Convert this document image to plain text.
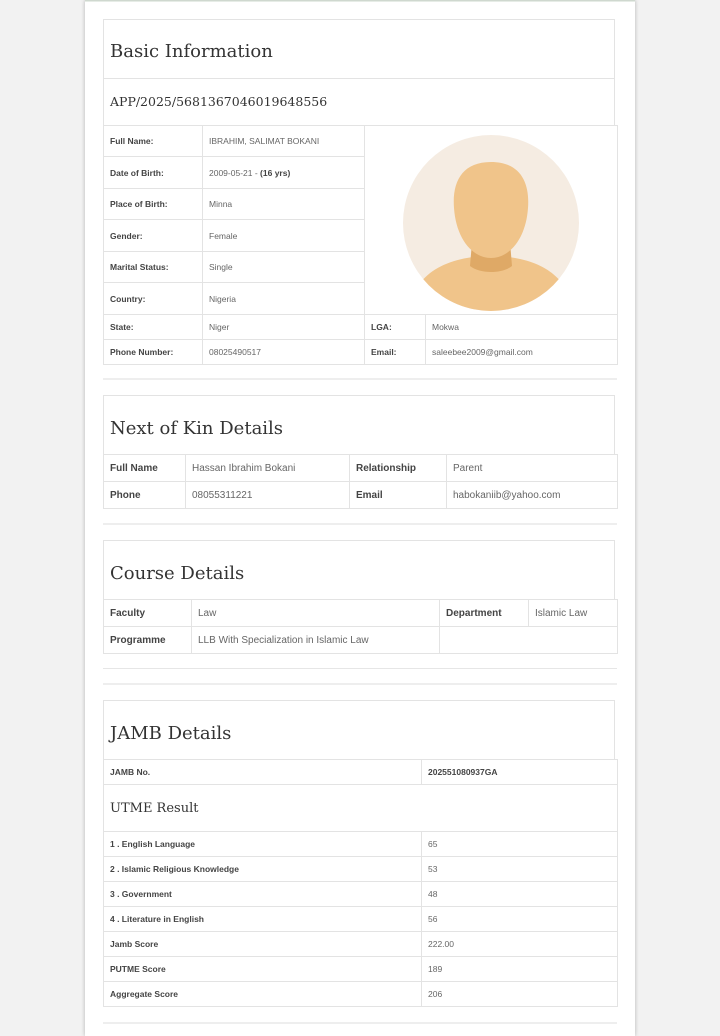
Basic Information
APP/2025/5681367046019648556
Full Name:	IBRAHIM, SALIMAT BOKANI	

Date of Birth:	2009-05-21 - (16 yrs)		
Place of Birth:	Minna		
Gender:	Female		
Marital Status:	Single		
Country:	Nigeria		
State:	Niger	LGA:	Mokwa
Phone Number:	08025490517	Email:	saleebee2009@gmail.com
Next of Kin Details
Full Name	Hassan Ibrahim Bokani	Relationship	Parent
Phone	08055311221	Email	habokaniib@yahoo.com
Course Details
Faculty	Law	Department	Islamic Law
Programme	LLB With Specialization in Islamic Law		
JAMB Details
JAMB No.	202551080937GA
UTME Result	
1 . English Language	65
2 . Islamic Religious Knowledge	53
3 . Government	48
4 . Literature in English	56
Jamb Score	222.00
PUTME Score	189
Aggregate Score	206
